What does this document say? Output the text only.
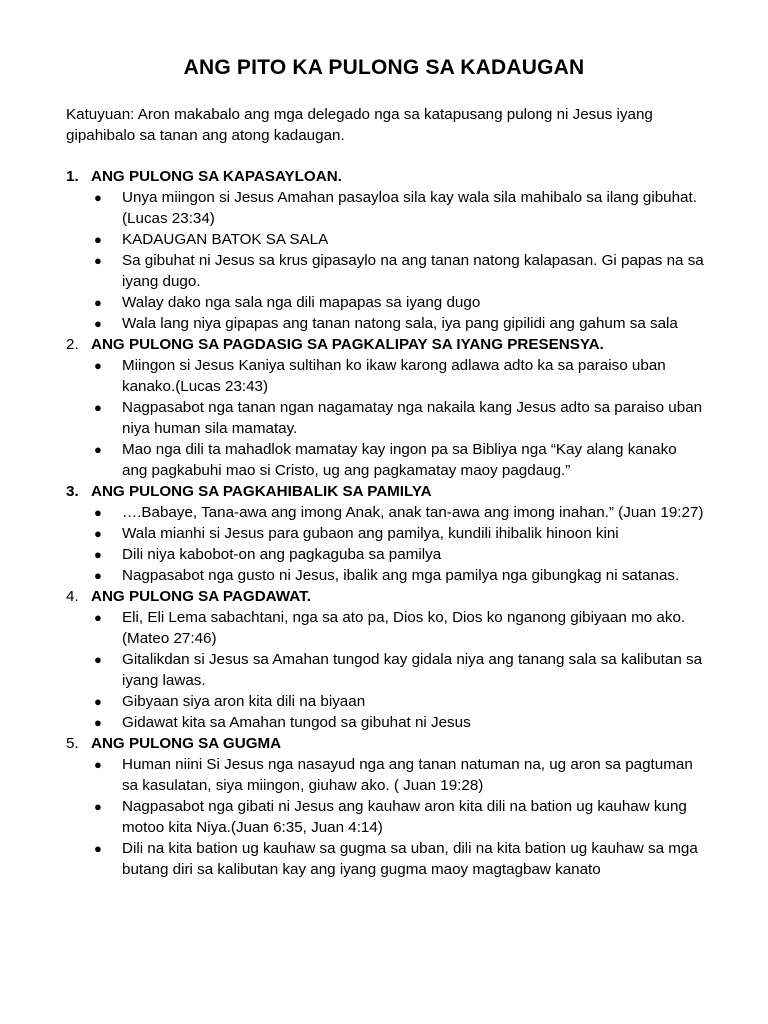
ANG PITO KA PULONG SA KADAUGAN
Katuyuan: Aron makabalo ang mga delegado nga sa katapusang pulong ni Jesus iyang gipahibalo sa tanan ang atong kadaugan.
1. ANG PULONG SA KAPASAYLOAN.
●	Unya miingon si Jesus Amahan pasayloa sila kay wala sila mahibalo sa ilang gibuhat.(Lucas 23:34)
●	KADAUGAN BATOK SA SALA
●	Sa gibuhat ni Jesus sa krus gipasaylo na ang tanan natong kalapasan. Gi papas na sa iyang dugo.
●	Walay dako nga sala nga dili mapapas sa iyang dugo
●	Wala lang niya gipapas ang tanan natong sala, iya pang gipilidi ang gahum sa sala
2. ANG PULONG SA PAGDASIG SA PAGKALIPAY SA IYANG PRESENSYA.
●	Miingon si Jesus Kaniya sultihan ko ikaw karong adlawa adto ka sa paraiso uban kanako.(Lucas 23:43)
●	Nagpasabot nga tanan ngan nagamatay nga nakaila kang Jesus adto sa paraiso uban niya human sila mamatay.
●	Mao nga dili ta mahadlok mamatay kay ingon pa sa Bibliya nga “Kay alang kanako ang pagkabuhi mao si Cristo, ug ang pagkamatay maoy pagdaug.”
3. ANG PULONG SA PAGKAHIBALIK SA PAMILYA
●	….Babaye, Tana-awa ang imong Anak, anak tan-awa ang imong inahan.” (Juan 19:27)
●	Wala mianhi si Jesus para gubaon ang pamilya, kundili ihibalik hinoon kini
●	Dili niya kabobot-on ang pagkaguba sa pamilya
●	Nagpasabot nga gusto ni Jesus, ibalik ang mga pamilya nga gibungkag ni satanas.
4. ANG PULONG SA PAGDAWAT.
●	Eli, Eli Lema sabachtani, nga sa ato pa, Dios ko, Dios ko nganong gibiyaan mo ako.(Mateo 27:46)
●	Gitalikdan si Jesus sa Amahan tungod kay gidala niya ang tanang sala sa kalibutan sa iyang lawas.
●	Gibyaan siya aron kita dili na biyaan
●	Gidawat kita sa Amahan tungod sa gibuhat ni Jesus
5. ANG PULONG SA GUGMA
●	Human niini Si Jesus nga nasayud nga ang tanan natuman na, ug aron sa pagtuman sa kasulatan, siya miingon, giuhaw ako. ( Juan 19:28)
●	Nagpasabot nga gibati ni Jesus ang kauhaw aron kita dili na bation ug kauhaw kung motoo kita Niya.(Juan 6:35, Juan 4:14)
●	Dili na kita bation ug kauhaw sa gugma sa uban, dili na kita bation ug kauhaw sa mga butang diri sa kalibutan kay ang iyang gugma maoy magtagbaw kanato
